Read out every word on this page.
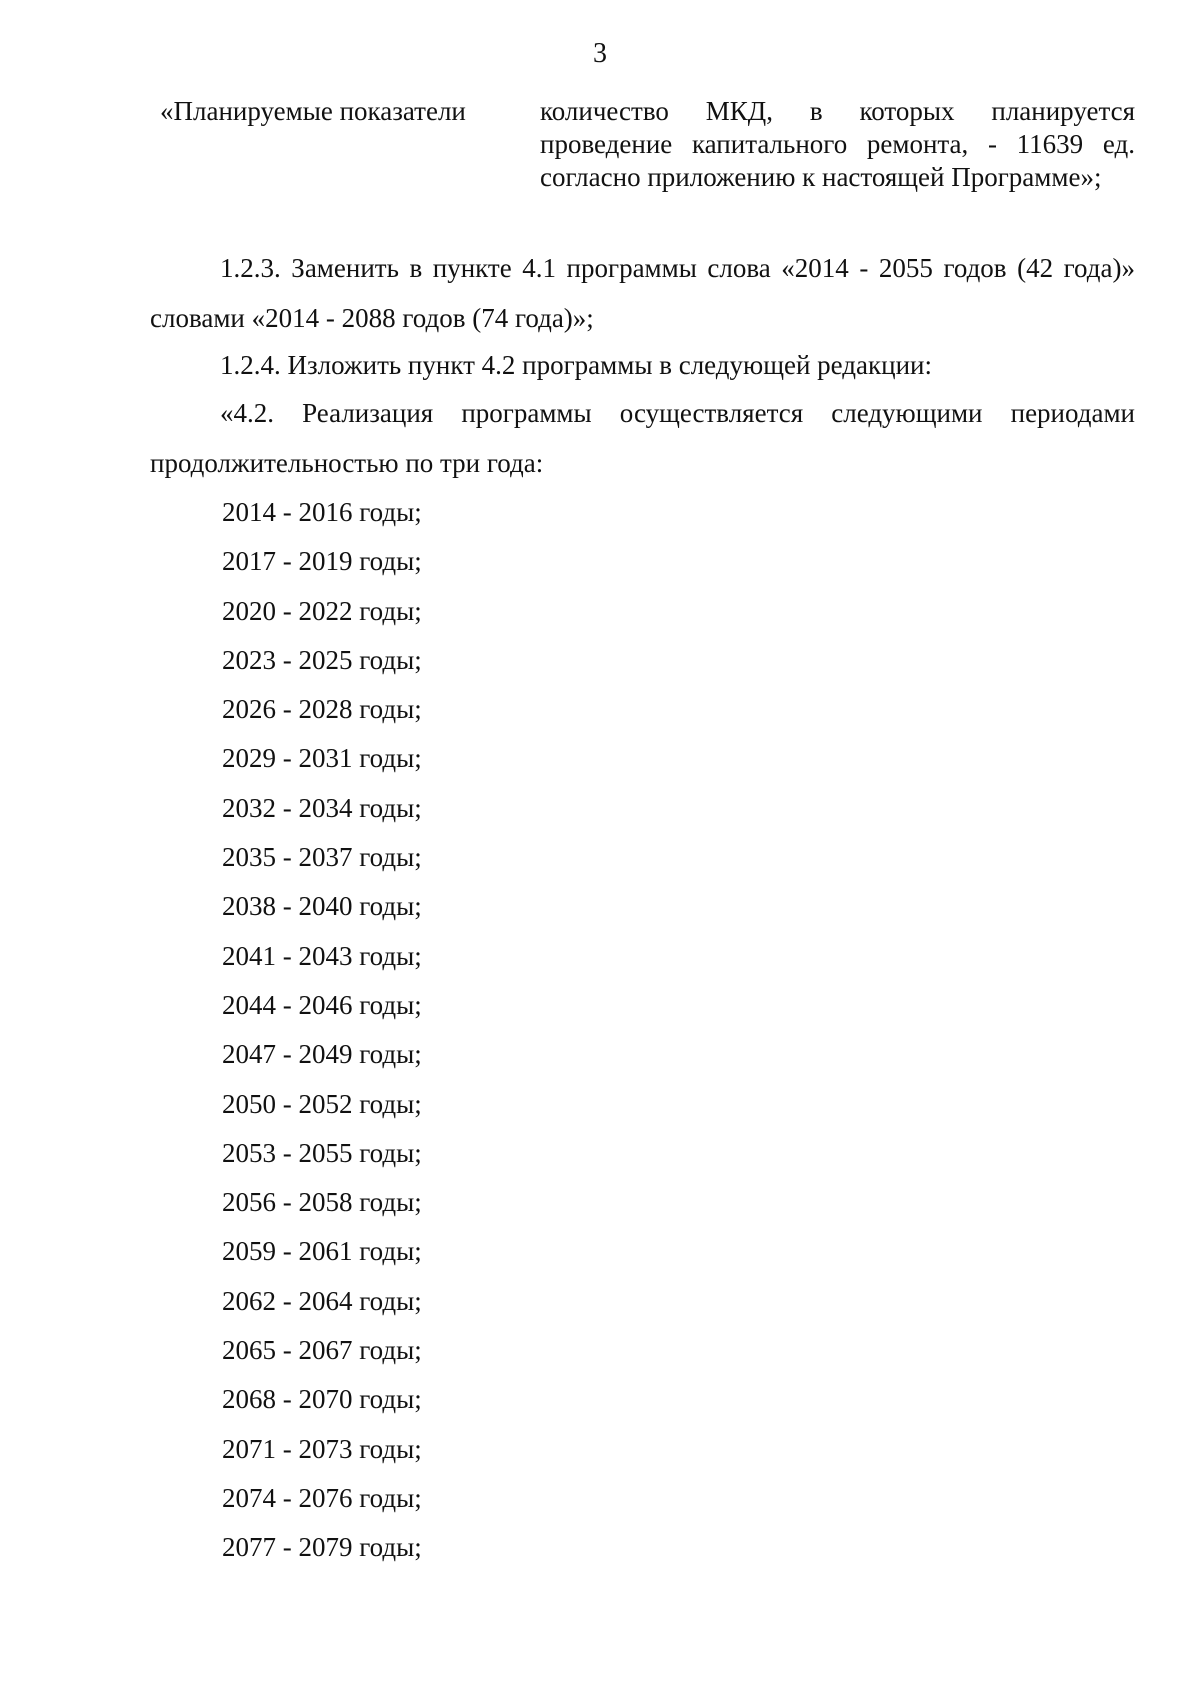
3
«Планируемые показатели	количество МКД, в которых планируется проведение капитального ремонта, - 11639 ед. согласно приложению к настоящей Программе»;

1.2.3. Заменить в пункте 4.1 программы слова «2014 - 2055 годов (42 года)» словами «2014 - 2088 годов (74 года)»;

1.2.4. Изложить пункт 4.2 программы в следующей редакции:

«4.2. Реализация программы осуществляется следующими периодами продолжительностью по три года:

2014 - 2016 годы;
2017 - 2019 годы;
2020 - 2022 годы;
2023 - 2025 годы;
2026 - 2028 годы;
2029 - 2031 годы;
2032 - 2034 годы;
2035 - 2037 годы;
2038 - 2040 годы;
2041 - 2043 годы;
2044 - 2046 годы;
2047 - 2049 годы;
2050 - 2052 годы;
2053 - 2055 годы;
2056 - 2058 годы;
2059 - 2061 годы;
2062 - 2064 годы;
2065 - 2067 годы;
2068 - 2070 годы;
2071 - 2073 годы;
2074 - 2076 годы;
2077 - 2079 годы;
